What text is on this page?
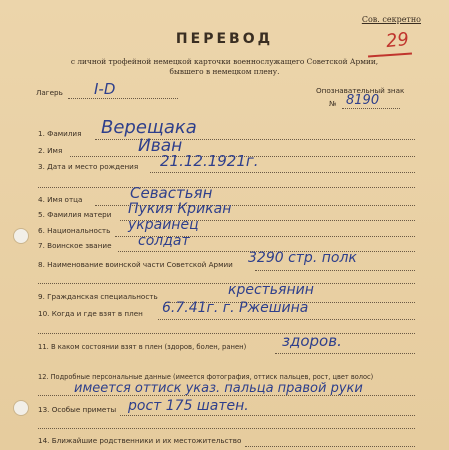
Сов. секретно
29
ПЕРЕВОД
с личной трофейной немецкой карточки военнослужащего Советской Армии,
бывшего в немецком плену.
Лагерь I-D	Опознавательный знак
№ 8190
1. Фамилия
2. Имя
3. Дата и место рождения
4. Имя отца
5. Фамилия матери
6. Национальность
7. Воинское звание
8. Наименование воинской части Советской Армии
9. Гражданская специальность
10. Когда и где взят в плен
11. В каком состоянии взят в плен (здоров, болен, ранен)
12. Подробные персональные данные (имеется фотография, оттиск пальцев, рост, цвет волос)
13. Особые приметы
14. Ближайшие родственники и их местожительство
Верещака
Иван
21.12.1921г.
Севастьян
Пукия Крикан
украинец
солдат
3290 стр. полк
крестьянин
6.7.41г. г. Ржешина
здоров.
имеется оттиск указ. пальца правой руки
рост 175 шатен.
